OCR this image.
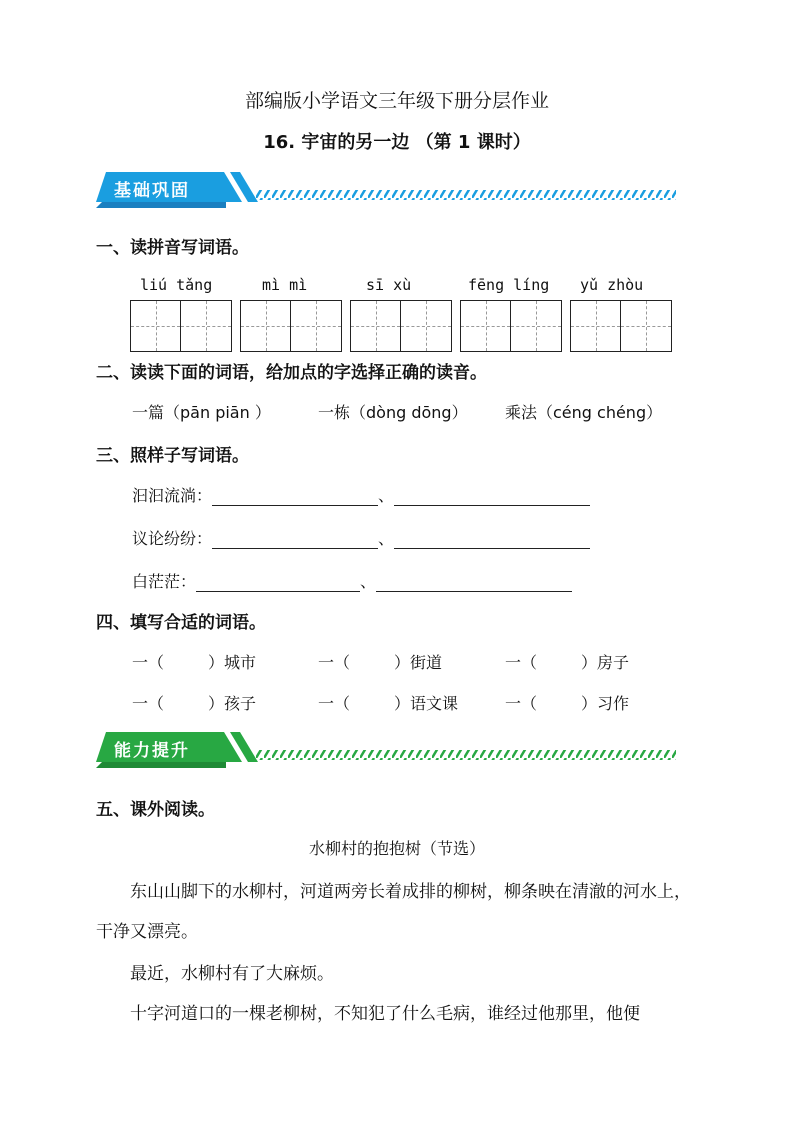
部编版小学语文三年级下册分层作业
16. 宇宙的另一边 （第 1 课时）
基础巩固
一、读拼音写词语。
liú tǎng	mì mì	sī xù	fēng líng yǔ zhòu
二、读读下面的词语，给加点的字选择正确的读音。
一篇（pān piān ）	一栋（dòng dōng） 乘法（céng chéng）
三、照样子写词语。
汩汩流淌：	、
议论纷纷：	、
白茫茫：	、
四、填写合适的词语。
一（	）城市	一（	）街道	一（	）房子
一（	）孩子	一（	）语文课	一（	）习作
能力提升
五、课外阅读。
水柳村的抱抱树（节选）
东山山脚下的水柳村，河道两旁长着成排的柳树，柳条映在清澈的河水上，干净又漂亮。
最近，水柳村有了大麻烦。
十字河道口的一棵老柳树，不知犯了什么毛病，谁经过他那里，他便
